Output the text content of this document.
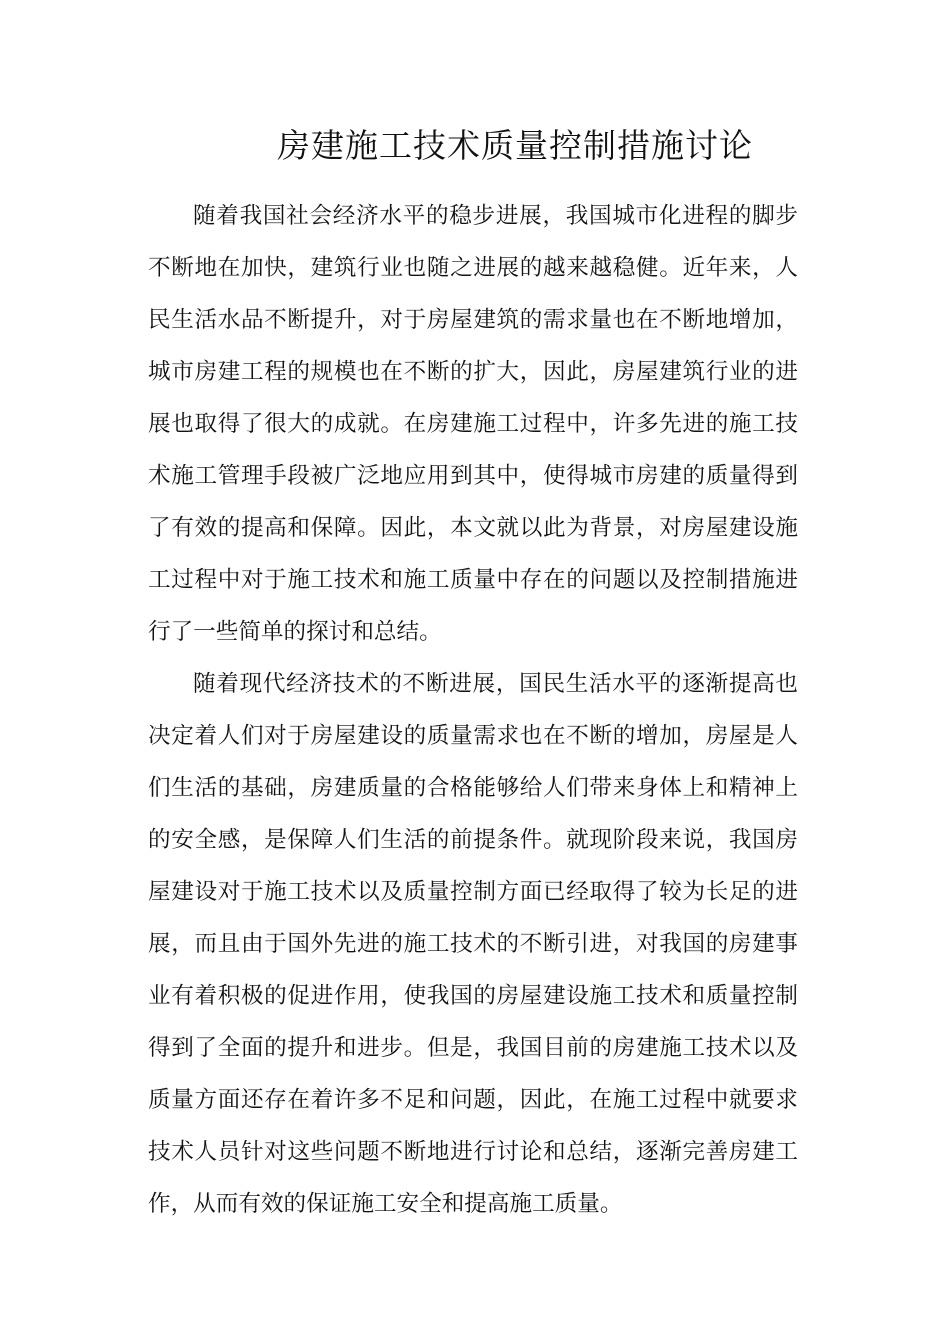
房建施工技术质量控制措施讨论

随着我国社会经济水平的稳步进展，我国城市化进程的脚步不断地在加快，建筑行业也随之进展的越来越稳健。近年来，人民生活水品不断提升，对于房屋建筑的需求量也在不断地增加，城市房建工程的规模也在不断的扩大，因此，房屋建筑行业的进展也取得了很大的成就。在房建施工过程中，许多先进的施工技术施工管理手段被广泛地应用到其中，使得城市房建的质量得到了有效的提高和保障。因此，本文就以此为背景，对房屋建设施工过程中对于施工技术和施工质量中存在的问题以及控制措施进行了一些简单的探讨和总结。

随着现代经济技术的不断进展，国民生活水平的逐渐提高也决定着人们对于房屋建设的质量需求也在不断的增加，房屋是人们生活的基础，房建质量的合格能够给人们带来身体上和精神上的安全感，是保障人们生活的前提条件。就现阶段来说，我国房屋建设对于施工技术以及质量控制方面已经取得了较为长足的进展，而且由于国外先进的施工技术的不断引进，对我国的房建事业有着积极的促进作用，使我国的房屋建设施工技术和质量控制得到了全面的提升和进步。但是，我国目前的房建施工技术以及质量方面还存在着许多不足和问题，因此，在施工过程中就要求技术人员针对这些问题不断地进行讨论和总结，逐渐完善房建工作，从而有效的保证施工安全和提高施工质量。
